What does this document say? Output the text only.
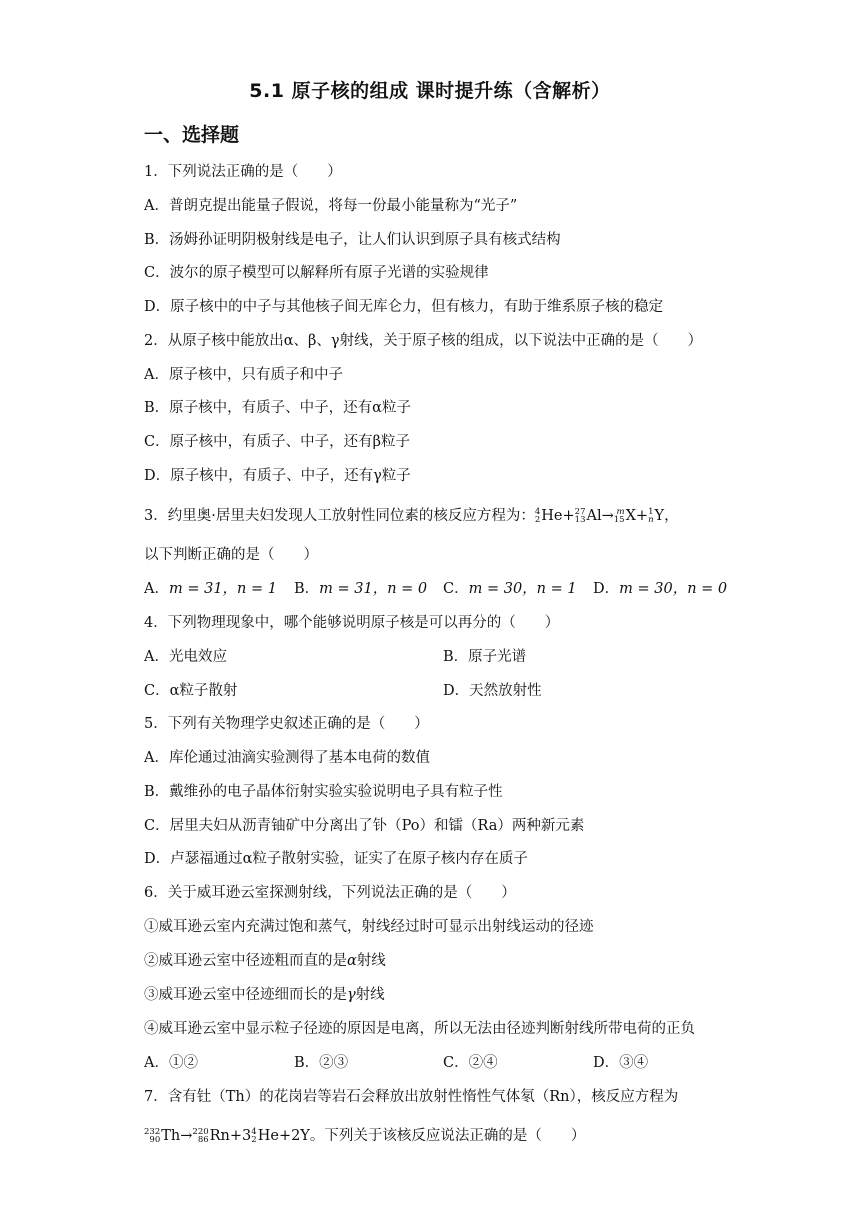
5.1 原子核的组成 课时提升练（含解析）
一、选择题
1．下列说法正确的是（　　）
A．普朗克提出能量子假说，将每一份最小能量称为“光子”
B．汤姆孙证明阴极射线是电子，让人们认识到原子具有核式结构
C．波尔的原子模型可以解释所有原子光谱的实验规律
D．原子核中的中子与其他核子间无库仑力，但有核力，有助于维系原子核的稳定
2．从原子核中能放出α、β、γ射线，关于原子核的组成，以下说法中正确的是（　　）
A．原子核中，只有质子和中子
B．原子核中，有质子、中子，还有α粒子
C．原子核中，有质子、中子，还有β粒子
D．原子核中，有质子、中子，还有γ粒子
3．约里奥·居里夫妇发现人工放射性同位素的核反应方程为： 4
2 He+ 27
13 Al→ m
15 X+ 1
n Y，
以下判断正确的是（　　）
A．m = 31，n = 1 B．m = 31，n = 0 C．m = 30，n = 1 D．m = 30，n = 0
4．下列物理现象中，哪个能够说明原子核是可以再分的（　　）
A．光电效应	B．原子光谱
C．α粒子散射	D．天然放射性
5．下列有关物理学史叙述正确的是（　　）
A．库伦通过油滴实验测得了基本电荷的数值
B．戴维孙的电子晶体衍射实验实验说明电子具有粒子性
C．居里夫妇从沥青铀矿中分离出了钋（Po）和镭（Ra）两种新元素
D．卢瑟福通过α粒子散射实验，证实了在原子核内存在质子
6．关于威耳逊云室探测射线，下列说法正确的是（　　）
①威耳逊云室内充满过饱和蒸气，射线经过时可显示出射线运动的径迹
②威耳逊云室中径迹粗而直的是α射线
③威耳逊云室中径迹细而长的是γ射线
④威耳逊云室中显示粒子径迹的原因是电离，所以无法由径迹判断射线所带电荷的正负
A．①②	B．②③	C．②④	D．③④
7．含有钍（Th）的花岗岩等岩石会释放出放射性惰性气体氡（Rn），核反应方程为
232
90 Th→ 220
86 Rn+3 4
2 He+2Y。下列关于该核反应说法正确的是（　　）
